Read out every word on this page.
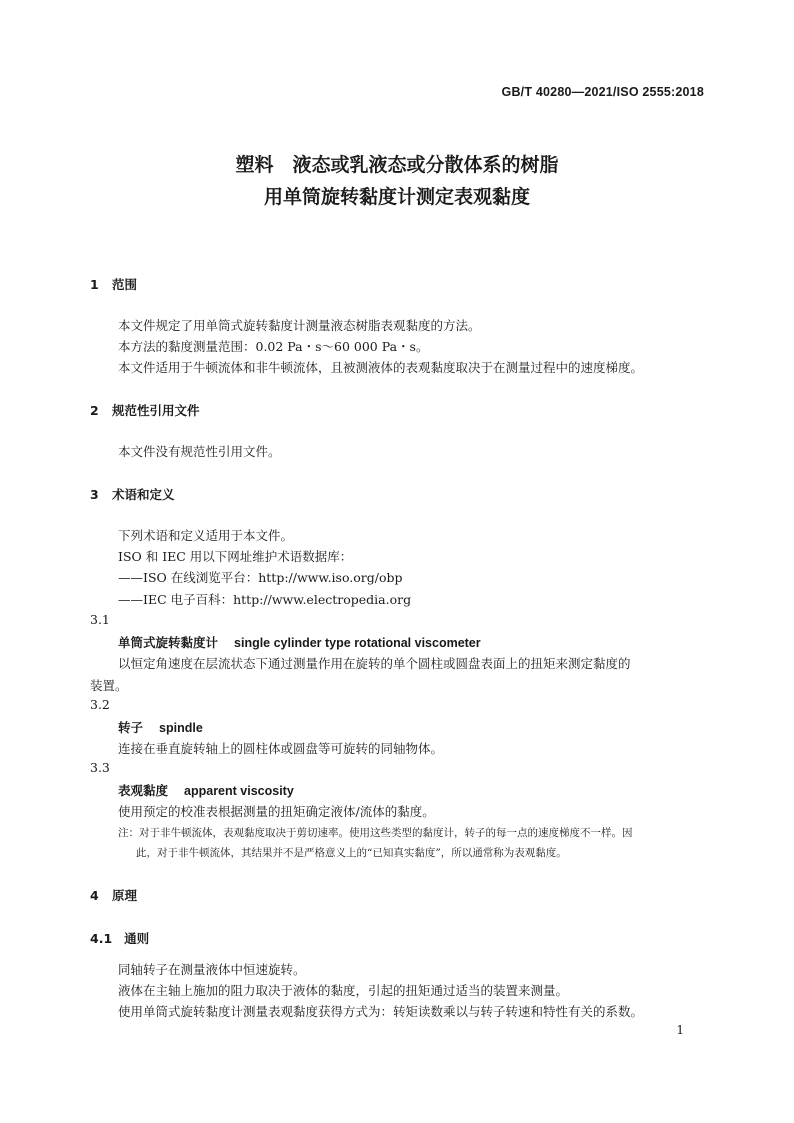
GB/T 40280—2021/ISO 2555:2018
塑料　液态或乳液态或分散体系的树脂
用单筒旋转黏度计测定表观黏度
1 范围
本文件规定了用单筒式旋转黏度计测量液态树脂表观黏度的方法。
本方法的黏度测量范围：0.02 Pa・s～60 000 Pa・s。
本文件适用于牛顿流体和非牛顿流体，且被测液体的表观黏度取决于在测量过程中的速度梯度。
2 规范性引用文件
本文件没有规范性引用文件。
3 术语和定义
下列术语和定义适用于本文件。
ISO 和 IEC 用以下网址维护术语数据库：
——ISO 在线浏览平台：http://www.iso.org/obp
——IEC 电子百科：http://www.electropedia.org
3.1
单筒式旋转黏度计 single cylinder type rotational viscometer
以恒定角速度在层流状态下通过测量作用在旋转的单个圆柱或圆盘表面上的扭矩来测定黏度的
装置。
3.2
转子 spindle
连接在垂直旋转轴上的圆柱体或圆盘等可旋转的同轴物体。
3.3
表观黏度 apparent viscosity
使用预定的校准表根据测量的扭矩确定液体/流体的黏度。
注：对于非牛顿流体，表观黏度取决于剪切速率。使用这些类型的黏度计，转子的每一点的速度梯度不一样。因
此，对于非牛顿流体，其结果并不是严格意义上的“已知真实黏度”，所以通常称为表观黏度。
4 原理
4.1 通则
同轴转子在测量液体中恒速旋转。
液体在主轴上施加的阻力取决于液体的黏度，引起的扭矩通过适当的装置来测量。
使用单筒式旋转黏度计测量表观黏度获得方式为：转矩读数乘以与转子转速和特性有关的系数。
1
